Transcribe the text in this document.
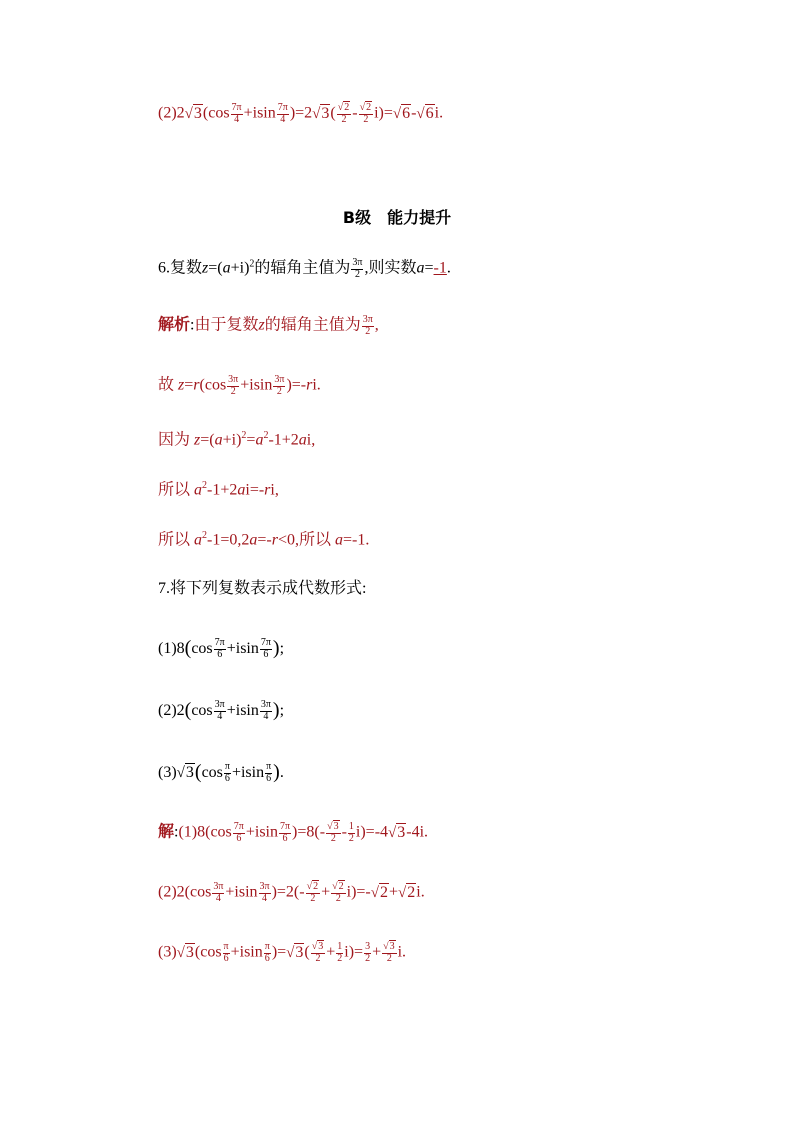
$(2)2√3(\cos \frac{7\pi}{4} +isin \frac{7\pi}{4} )=2√3( \frac{√2}{2} - \frac{√2}{2} i)=√6-√6i$.
B级　能力提升
6.复数$z=(a+i)^2$的辐角主值为 $\frac{3\pi}{2}$ ,则实数a=-1.
解析:由于复数z的辐角主值为 $\frac{3\pi}{2}$ ,
故 $z=r(\cos \frac{3\pi}{2} +isin \frac{3\pi}{2} )=-ri$.
因为 $z=(a+i)^2=a^2-1+2ai$,
所以 $a^2-1+2ai=-ri$,
所以 $a^2-1=0,2a=-r<0$,所以 a=-1.
7.将下列复数表示成代数形式:
$(1)8(\cos \frac{7\pi}{6} +isin \frac{7\pi}{6}$ );
$(2)2(\cos \frac{3\pi}{4} +isin \frac{3\pi}{4}$ );
$(3)√3(\cos \frac{\pi}{6} +isin \frac{\pi}{6}$ ).
解:(1)8(cos $\frac{7\pi}{6} +isin \frac{7\pi}{6} )=8(- \frac{√3}{2} - \frac{1}{2} i)=-4√3-4i$.
$(2)2(\cos \frac{3\pi}{4} +isin \frac{3\pi}{4} )=2(- \frac{√2}{2} + \frac{√2}{2} i)=-√2+√2i$.
$(3)√3(\cos \frac{\pi}{6} +isin \frac{\pi}{6} )=√3( \frac{√3}{2} + \frac{1}{2} i)= \frac{3}{2} + \frac{√3}{2} i$.
